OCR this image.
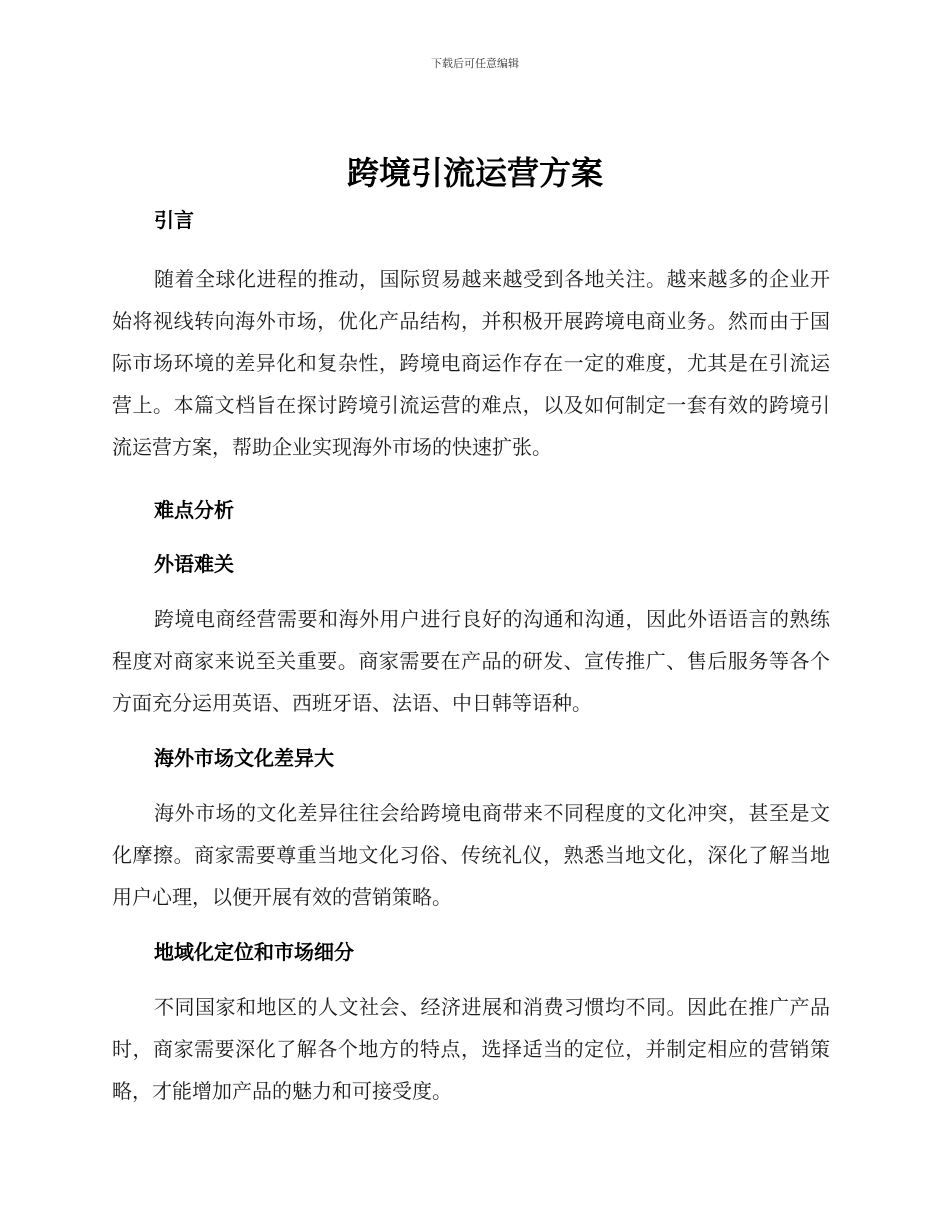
下载后可任意编辑
跨境引流运营方案
引言

随着全球化进程的推动，国际贸易越来越受到各地关注。越来越多的企业开始将视线转向海外市场，优化产品结构，并积极开展跨境电商业务。然而由于国际市场环境的差异化和复杂性，跨境电商运作存在一定的难度，尤其是在引流运营上。本篇文档旨在探讨跨境引流运营的难点，以及如何制定一套有效的跨境引流运营方案，帮助企业实现海外市场的快速扩张。

难点分析
外语难关

跨境电商经营需要和海外用户进行良好的沟通和沟通，因此外语语言的熟练程度对商家来说至关重要。商家需要在产品的研发、宣传推广、售后服务等各个方面充分运用英语、西班牙语、法语、中日韩等语种。

海外市场文化差异大

海外市场的文化差异往往会给跨境电商带来不同程度的文化冲突，甚至是文化摩擦。商家需要尊重当地文化习俗、传统礼仪，熟悉当地文化，深化了解当地用户心理，以便开展有效的营销策略。

地域化定位和市场细分

不同国家和地区的人文社会、经济进展和消费习惯均不同。因此在推广产品时，商家需要深化了解各个地方的特点，选择适当的定位，并制定相应的营销策略，才能增加产品的魅力和可接受度。
